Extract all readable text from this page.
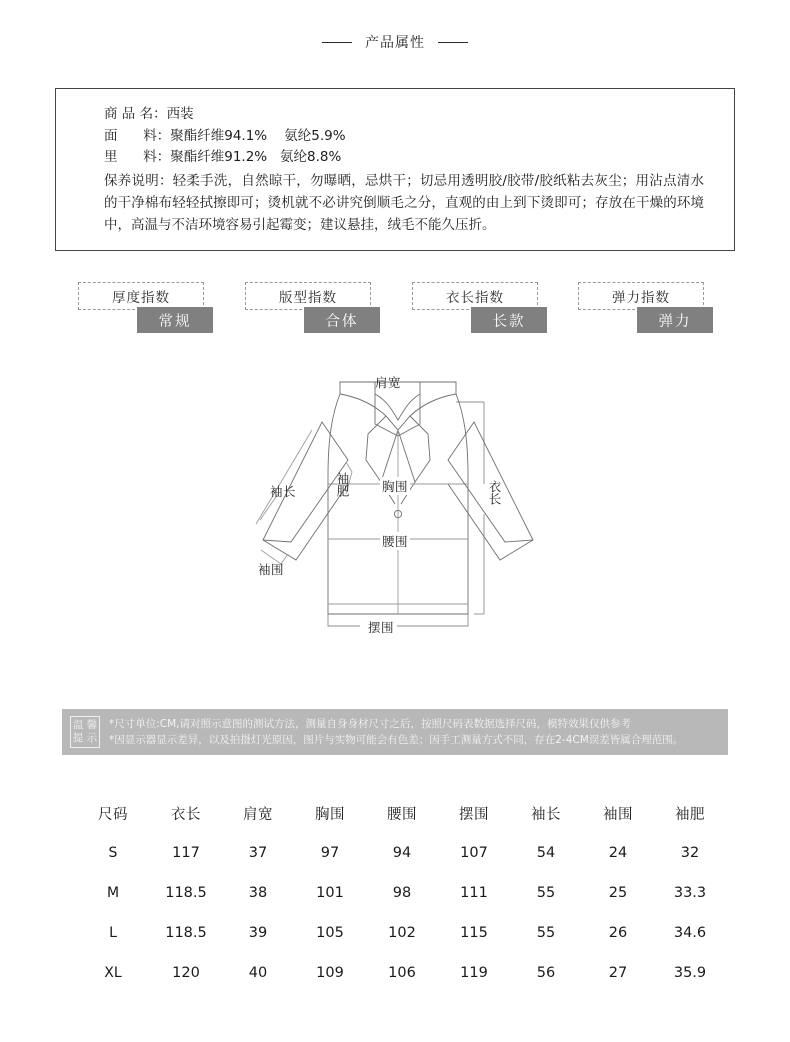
产品属性
商 品 名：西装
面      料：聚酯纤维94.1%    氨纶5.9%
里      料：聚酯纤维91.2%   氨纶8.8%
保养说明：轻柔手洗，自然晾干，勿曝晒，忌烘干；切忌用透明胶/胶带/胶纸粘去灰尘；用沾点清水的干净棉布轻轻拭擦即可；烫机就不必讲究倒顺毛之分，直观的由上到下烫即可；存放在干燥的环境中，高温与不洁环境容易引起霉变；建议悬挂，绒毛不能久压折。
厚度指数
常规
版型指数
合体
衣长指数
长款
弹力指数
弹力
肩宽
袖长	袖肥	胸围	衣长
腰围
袖围
摆围
温 馨
提 示
*尺寸单位:CM,请对照示意图的测试方法，测量自身身材尺寸之后，按照尺码表数据选择尺码，模特效果仅供参考
*因显示器显示差异，以及拍摄灯光原因，图片与实物可能会有色差；因手工测量方式不同，存在2-4CM误差皆属合理范围。
尺码	衣长	肩宽	胸围	腰围	摆围	袖长	袖围	袖肥
S	117	37	97	94	107	54	24	32
M	118.5	38	101	98	111	55	25	33.3
L	118.5	39	105	102	115	55	26	34.6
XL	120	40	109	106	119	56	27	35.9
